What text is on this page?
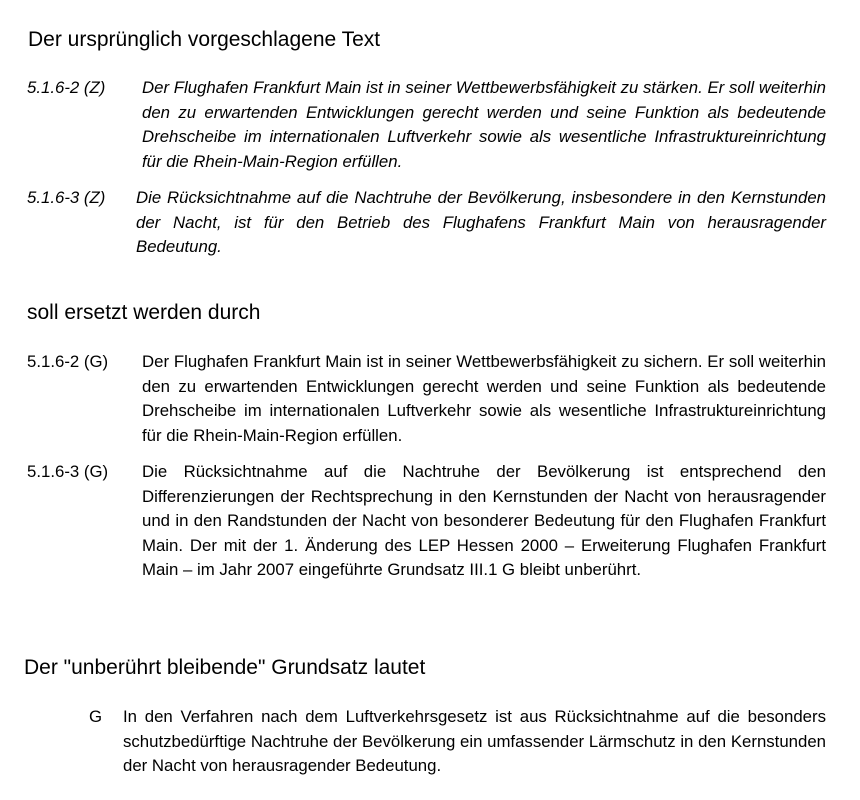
Der ursprünglich vorgeschlagene Text
5.1.6-2 (Z) Der Flughafen Frankfurt Main ist in seiner Wettbewerbsfähigkeit zu stärken. Er soll weiterhin den zu erwartenden Entwicklungen gerecht werden und seine Funktion als bedeutende Drehscheibe im internationalen Luftverkehr sowie als wesentliche Infrastruktureinrichtung für die Rhein-Main-Region erfüllen.
5.1.6-3 (Z) Die Rücksichtnahme auf die Nachtruhe der Bevölkerung, insbesondere in den Kernstunden der Nacht, ist für den Betrieb des Flughafens Frankfurt Main von herausragender Bedeutung.
soll ersetzt werden durch
5.1.6-2 (G) Der Flughafen Frankfurt Main ist in seiner Wettbewerbsfähigkeit zu sichern. Er soll weiterhin den zu erwartenden Entwicklungen gerecht werden und seine Funktion als bedeutende Drehscheibe im internationalen Luftverkehr sowie als wesentliche Infrastruktureinrichtung für die Rhein-Main-Region erfüllen.
5.1.6-3 (G) Die Rücksichtnahme auf die Nachtruhe der Bevölkerung ist entsprechend den Differenzierungen der Rechtsprechung in den Kernstunden der Nacht von herausragender und in den Randstunden der Nacht von besonderer Bedeutung für den Flughafen Frankfurt Main. Der mit der 1. Änderung des LEP Hessen 2000 – Erweiterung Flughafen Frankfurt Main – im Jahr 2007 eingeführte Grundsatz III.1 G bleibt unberührt.
Der "unberührt bleibende" Grundsatz lautet
G In den Verfahren nach dem Luftverkehrsgesetz ist aus Rücksichtnahme auf die besonders schutzbedürftige Nachtruhe der Bevölkerung ein umfassender Lärmschutz in den Kernstunden der Nacht von herausragender Bedeutung.
